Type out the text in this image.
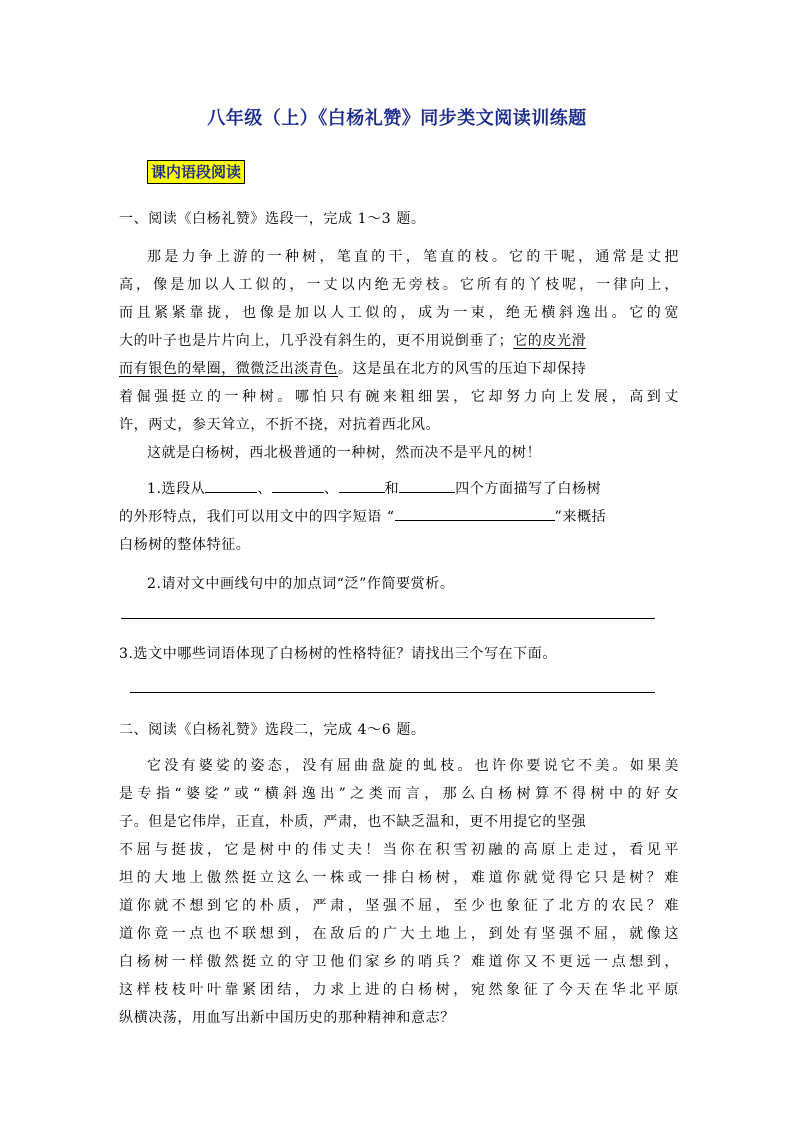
八年级（上）《白杨礼赞》同步类文阅读训练题
课内语段阅读
一、阅读《白杨礼赞》选段一，完成 1～3 题。
那是力争上游的一种树，笔直的干，笔直的枝。它的干呢，通常是丈把
高，像是加以人工似的，一丈以内绝无旁枝。它所有的丫枝呢，一律向上，
而且紧紧靠拢，也像是加以人工似的，成为一束，绝无横斜逸出。它的宽
大的叶子也是片片向上，几乎没有斜生的，更不用说倒垂了；它的皮光滑
而有银色的晕圈，微微泛出淡青色。这是虽在北方的风雪的压迫下却保持
着倔强挺立的一种树。哪怕只有碗来粗细罢，它却努力向上发展，高到丈
许，两丈，参天耸立，不折不挠，对抗着西北风。
这就是白杨树，西北极普通的一种树，然而决不是平凡的树！
1.选段从	、	、	和	四个方面描写了白杨树
的外形特点，我们可以用文中的四字短语 “	”来概括
白杨树的整体特征。
2.请对文中画线句中的加点词“泛”作简要赏析。
3.选文中哪些词语体现了白杨树的性格特征？请找出三个写在下面。
二、阅读《白杨礼赞》选段二，完成 4～6 题。
它没有婆娑的姿态，没有屈曲盘旋的虬枝。也许你要说它不美。如果美
是专指“婆娑”或“横斜逸出”之类而言，那么白杨树算不得树中的好女
子。但是它伟岸，正直，朴质，严肃，也不缺乏温和，更不用提它的坚强
不屈与挺拔，它是树中的伟丈夫！当你在积雪初融的高原上走过，看见平
坦的大地上傲然挺立这么一株或一排白杨树，难道你就觉得它只是树？难
道你就不想到它的朴质，严肃，坚强不屈，至少也象征了北方的农民？难
道你竟一点也不联想到，在敌后的广大土地上，到处有坚强不屈，就像这
白杨树一样傲然挺立的守卫他们家乡的哨兵？难道你又不更远一点想到，
这样枝枝叶叶靠紧团结，力求上进的白杨树，宛然象征了今天在华北平原
纵横决荡，用血写出新中国历史的那种精神和意志？
